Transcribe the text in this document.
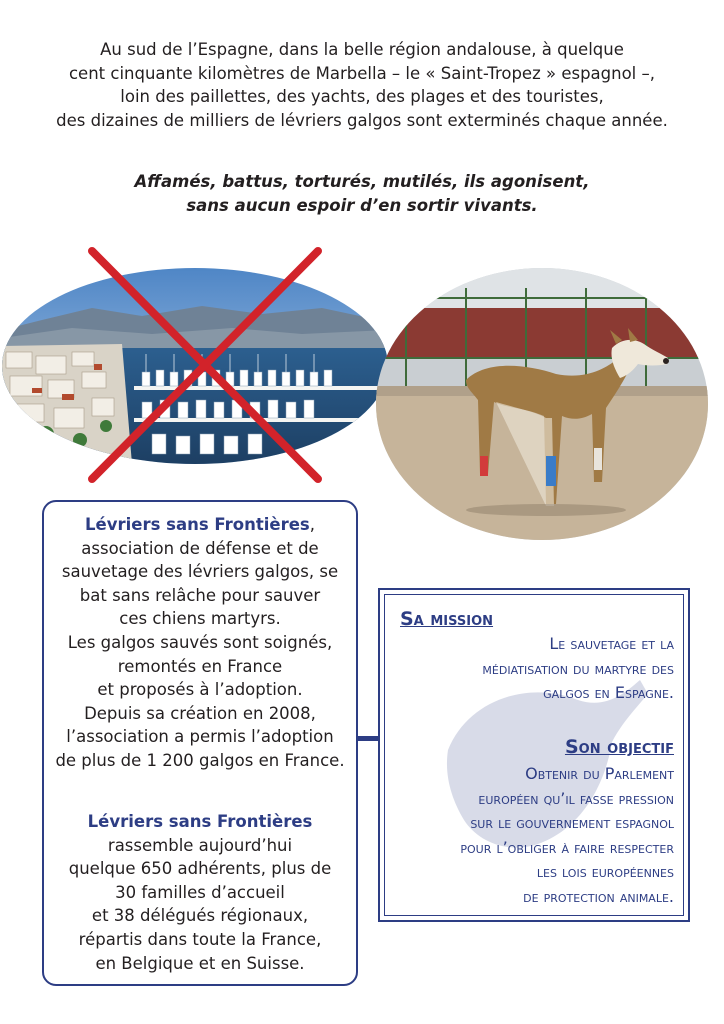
Au sud de l’Espagne, dans la belle région andalouse, à quelque
cent cinquante kilomètres de Marbella – le « Saint-Tropez » espagnol –,
loin des paillettes, des yachts, des plages et des touristes,
des dizaines de milliers de lévriers galgos sont exterminés chaque année.
Affamés, battus, torturés, mutilés, ils agonisent,
sans aucun espoir d’en sortir vivants.
Lévriers sans Frontières,
association de défense et de
sauvetage des lévriers galgos, se
bat sans relâche pour sauver
ces chiens martyrs.
Les galgos sauvés sont soignés,
remontés en France
et proposés à l’adoption.
Depuis sa création en 2008,
l’association a permis l’adoption
de plus de 1 200 galgos en France.
Lévriers sans Frontières
rassemble aujourd’hui
quelque 650 adhérents, plus de
30 familles d’accueil
et 38 délégués régionaux,
répartis dans toute la France,
en Belgique et en Suisse.
Sa mission
Le sauvetage et la
médiatisation du martyre des
galgos en Espagne.
Son objectif
Obtenir du Parlement
européen qu’il fasse pression
sur le gouvernement espagnol
pour l’obliger à faire respecter
les lois européennes
de protection animale.
